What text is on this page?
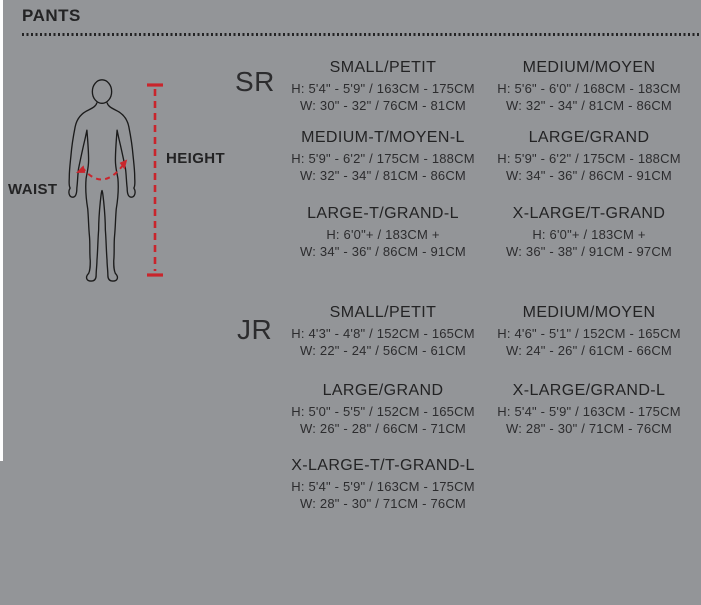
PANTS
WAIST
HEIGHT
SR
JR
SMALL/PETIT
H: 5'4" - 5'9" / 163CM - 175CM
W: 30" - 32" / 76CM - 81CM
MEDIUM/MOYEN
H: 5'6" - 6'0" / 168CM - 183CM
W: 32" - 34" / 81CM - 86CM
MEDIUM-T/MOYEN-L
H: 5'9" - 6'2" / 175CM - 188CM
W: 32" - 34" / 81CM - 86CM
LARGE/GRAND
H: 5'9" - 6'2" / 175CM - 188CM
W: 34" - 36" / 86CM - 91CM
LARGE-T/GRAND-L
H: 6'0"+ / 183CM +
W: 34" - 36" / 86CM - 91CM
X-LARGE/T-GRAND
H: 6'0"+ / 183CM +
W: 36" - 38" / 91CM - 97CM
SMALL/PETIT
H: 4'3" - 4'8" / 152CM - 165CM
W: 22" - 24" / 56CM - 61CM
MEDIUM/MOYEN
H: 4'6" - 5'1" / 152CM - 165CM
W: 24" - 26" / 61CM - 66CM
LARGE/GRAND
H: 5'0" - 5'5" / 152CM - 165CM
W: 26" - 28" / 66CM - 71CM
X-LARGE/GRAND-L
H: 5'4" - 5'9" / 163CM - 175CM
W: 28" - 30" / 71CM - 76CM
X-LARGE-T/T-GRAND-L
H: 5'4" - 5'9" / 163CM - 175CM
W: 28" - 30" / 71CM - 76CM
